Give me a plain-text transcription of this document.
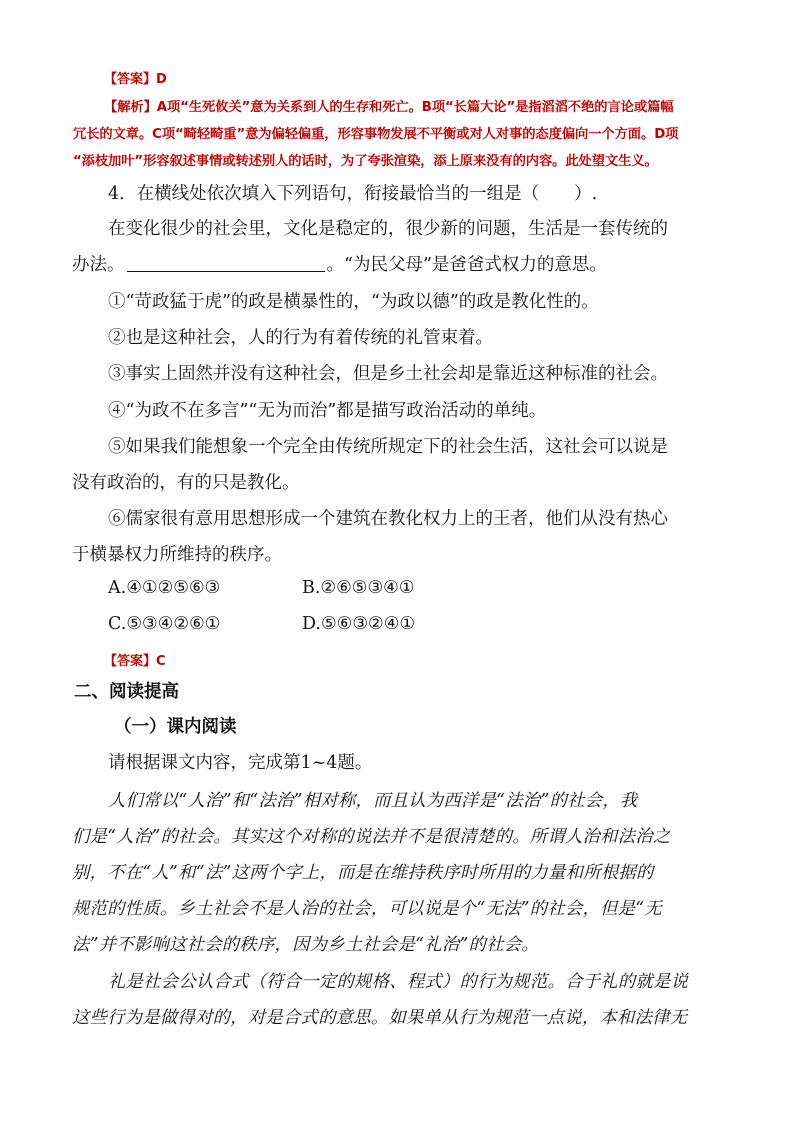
【答案】D
【解析】A项“生死攸关”意为关系到人的生存和死亡。B项“长篇大论”是指滔滔不绝的言论或篇幅
冗长的文章。C项“畸轻畸重”意为偏轻偏重，形容事物发展不平衡或对人对事的态度偏向一个方面。D项
“添枝加叶”形容叙述事情或转述别人的话时，为了夸张渲染，添上原来没有的内容。此处望文生义。
4．在横线处依次填入下列语句，衔接最恰当的一组是（　　）.
在变化很少的社会里，文化是稳定的，很少新的问题，生活是一套传统的
办法。	。“为民父母”是爸爸式权力的意思。
①“苛政猛于虎”的政是横暴性的，“为政以德”的政是教化性的。
②也是这种社会，人的行为有着传统的礼管束着。
③事实上固然并没有这种社会，但是乡土社会却是靠近这种标准的社会。
④“为政不在多言”“无为而治”都是描写政治活动的单纯。
⑤如果我们能想象一个完全由传统所规定下的社会生活，这社会可以说是
没有政治的，有的只是教化。
⑥儒家很有意用思想形成一个建筑在教化权力上的王者，他们从没有热心
于横暴权力所维持的秩序。
A.④①②⑤⑥③	B.②⑥⑤③④①
C.⑤③④②⑥①	D.⑤⑥③②④①
【答案】C
二、阅读提高
（一）课内阅读
请根据课文内容，完成第1~4题。
人们常以“人治”和“法治”相对称，而且认为西洋是“法治”的社会，我
们是“人治”的社会。其实这个对称的说法并不是很清楚的。所谓人治和法治之
别，不在“人”和“法”这两个字上，而是在维持秩序时所用的力量和所根据的
规范的性质。乡土社会不是人治的社会，可以说是个“无法”的社会，但是“无
法”并不影响这社会的秩序，因为乡土社会是“礼治”的社会。
礼是社会公认合式（符合一定的规格、程式）的行为规范。合于礼的就是说
这些行为是做得对的，对是合式的意思。如果单从行为规范一点说，本和法律无
